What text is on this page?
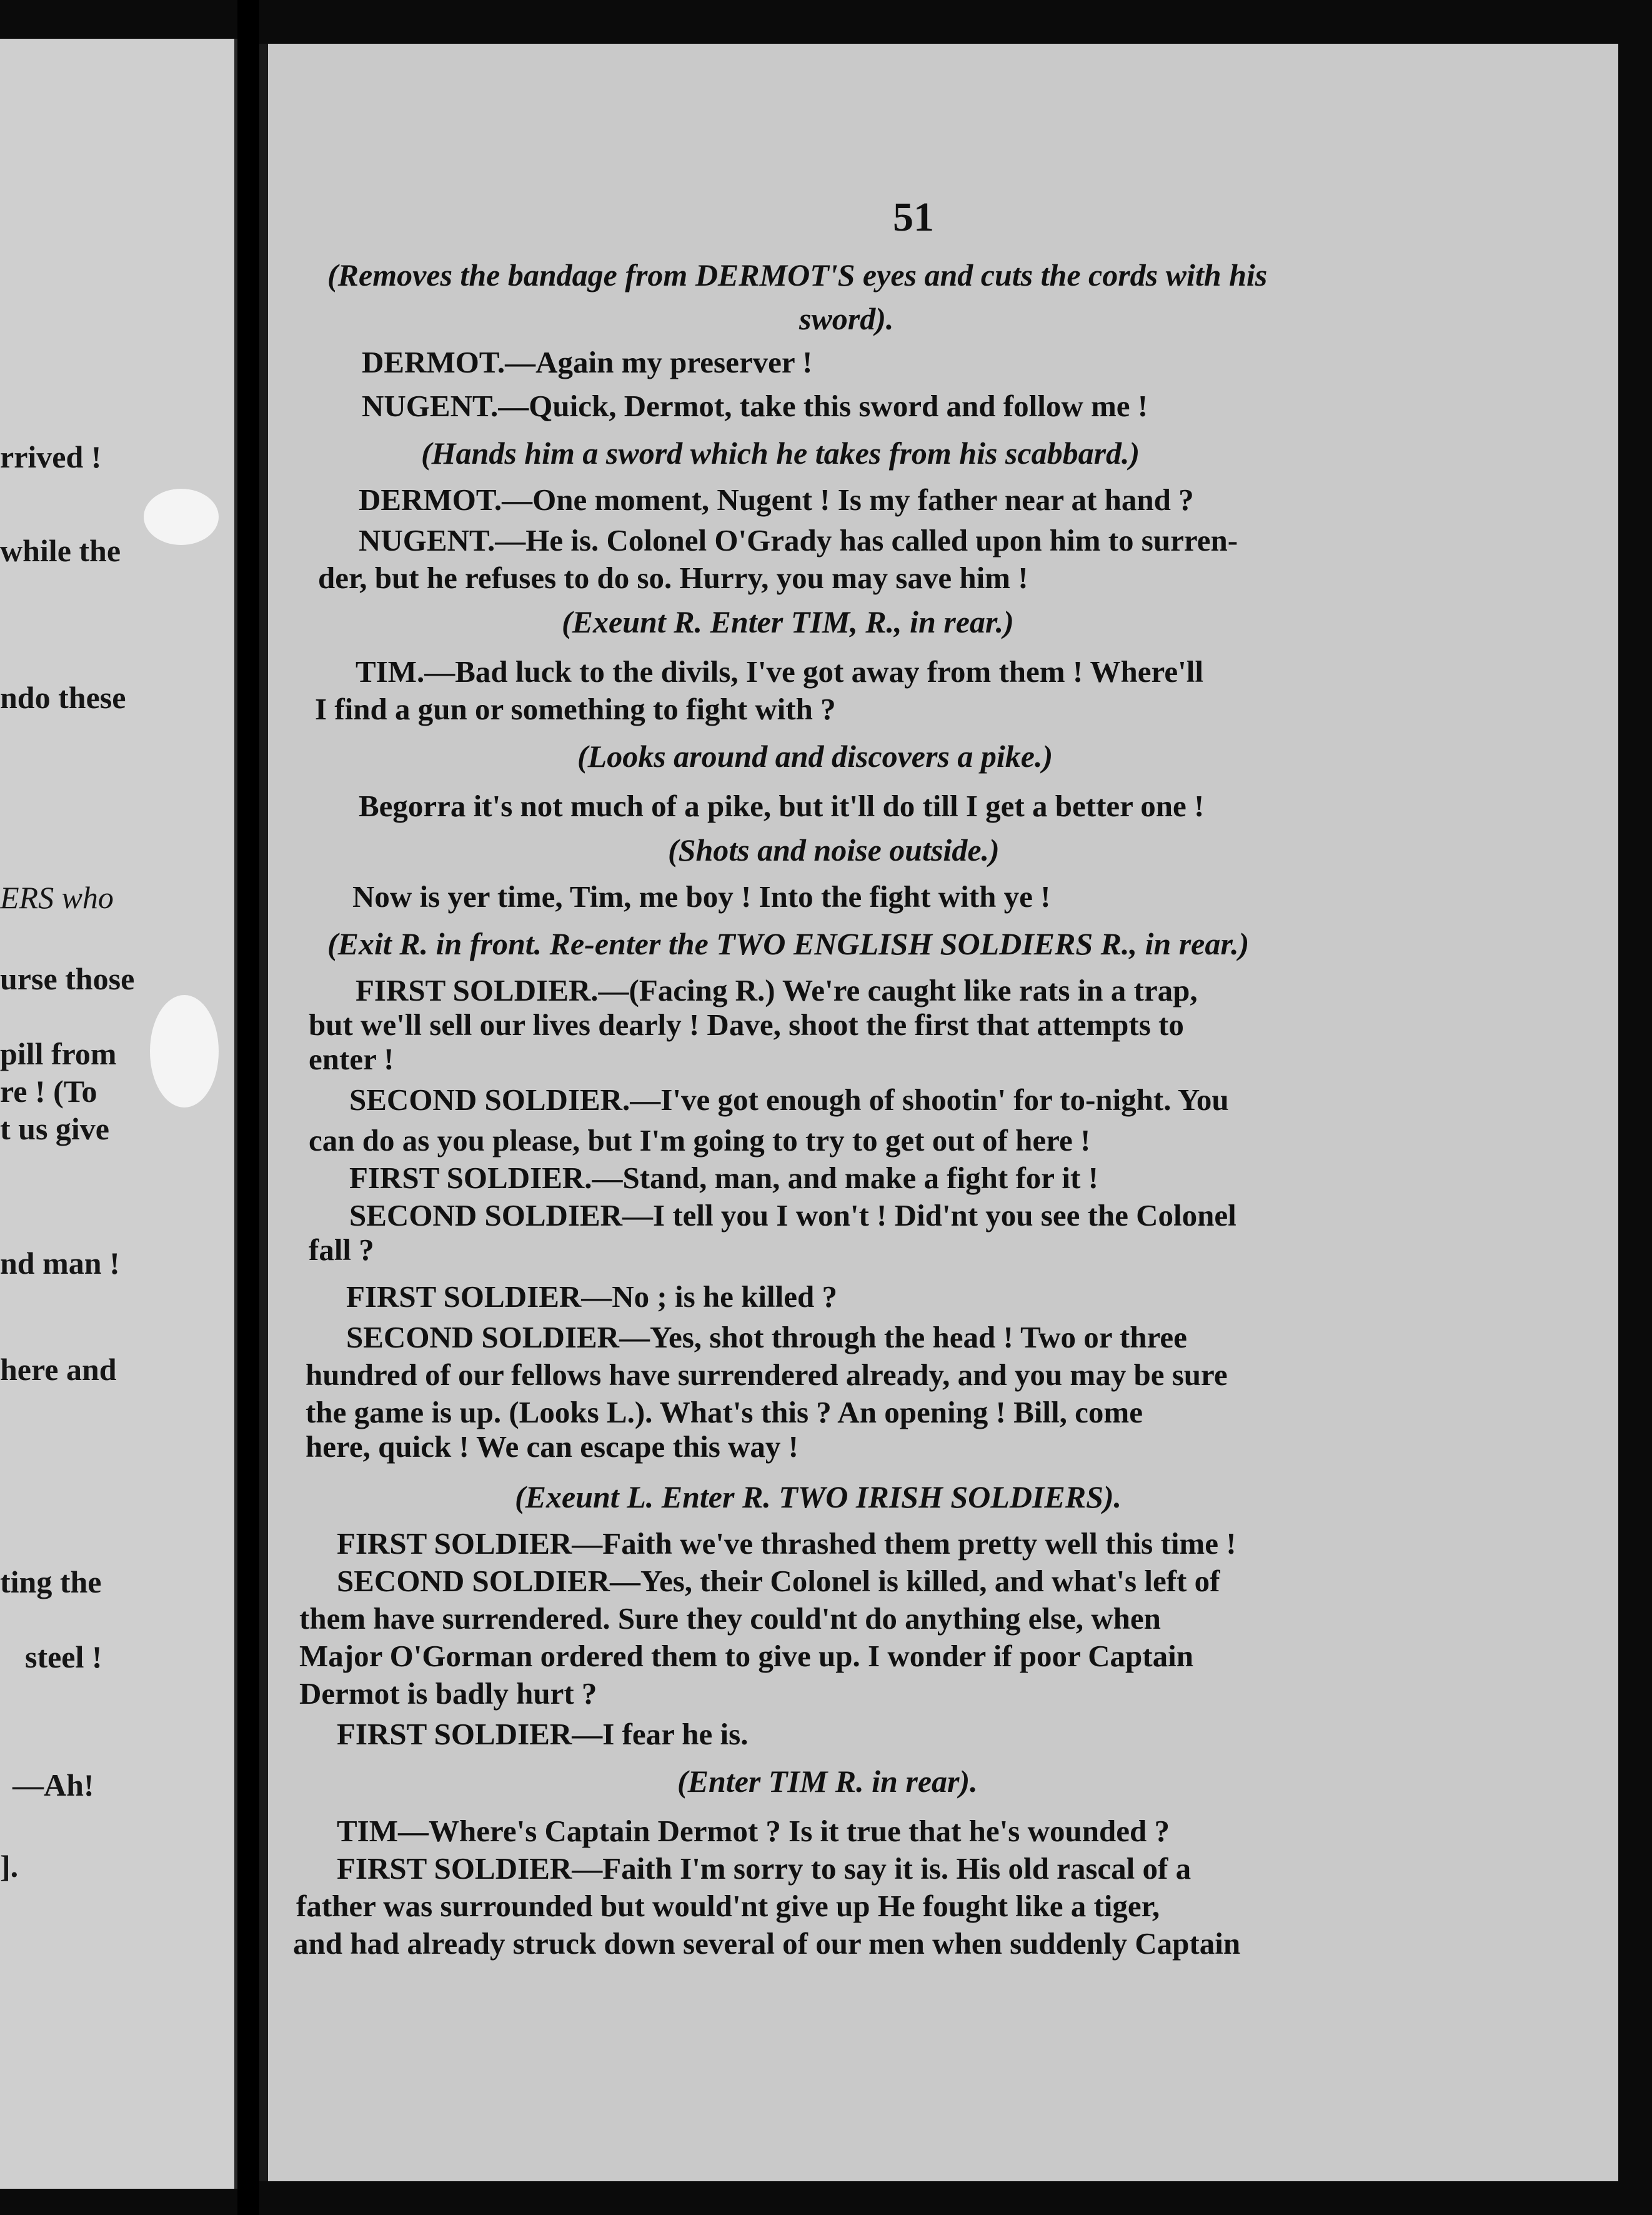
rrived !
while the
ndo these
ERS who
urse those
pill from
re ! (To
t us give
nd man !
here and
ting the
steel !
—Ah!
].
51
(Removes the bandage from DERMOT'S eyes and cuts the cords with his
sword).
DERMOT.—Again my preserver !
NUGENT.—Quick, Dermot, take this sword and follow me !
(Hands him a sword which he takes from his scabbard.)
DERMOT.—One moment, Nugent ! Is my father near at hand ?
NUGENT.—He is. Colonel O'Grady has called upon him to surren-
der, but he refuses to do so. Hurry, you may save him !
(Exeunt R. Enter TIM, R., in rear.)
TIM.—Bad luck to the divils, I've got away from them ! Where'll
I find a gun or something to fight with ?
(Looks around and discovers a pike.)
Begorra it's not much of a pike, but it'll do till I get a better one !
(Shots and noise outside.)
Now is yer time, Tim, me boy ! Into the fight with ye !
(Exit R. in front. Re-enter the TWO ENGLISH SOLDIERS R., in rear.)
FIRST SOLDIER.—(Facing R.) We're caught like rats in a trap,
but we'll sell our lives dearly ! Dave, shoot the first that attempts to
enter !
SECOND SOLDIER.—I've got enough of shootin' for to-night. You
can do as you please, but I'm going to try to get out of here !
FIRST SOLDIER.—Stand, man, and make a fight for it !
SECOND SOLDIER—I tell you I won't ! Did'nt you see the Colonel
fall ?
FIRST SOLDIER—No ; is he killed ?
SECOND SOLDIER—Yes, shot through the head ! Two or three
hundred of our fellows have surrendered already, and you may be sure
the game is up. (Looks L.). What's this ? An opening ! Bill, come
here, quick ! We can escape this way !
(Exeunt L. Enter R. TWO IRISH SOLDIERS).
FIRST SOLDIER—Faith we've thrashed them pretty well this time !
SECOND SOLDIER—Yes, their Colonel is killed, and what's left of
them have surrendered. Sure they could'nt do anything else, when
Major O'Gorman ordered them to give up. I wonder if poor Captain
Dermot is badly hurt ?
FIRST SOLDIER—I fear he is.
(Enter TIM R. in rear).
TIM—Where's Captain Dermot ? Is it true that he's wounded ?
FIRST SOLDIER—Faith I'm sorry to say it is. His old rascal of a
father was surrounded but would'nt give up He fought like a tiger,
and had already struck down several of our men when suddenly Captain
